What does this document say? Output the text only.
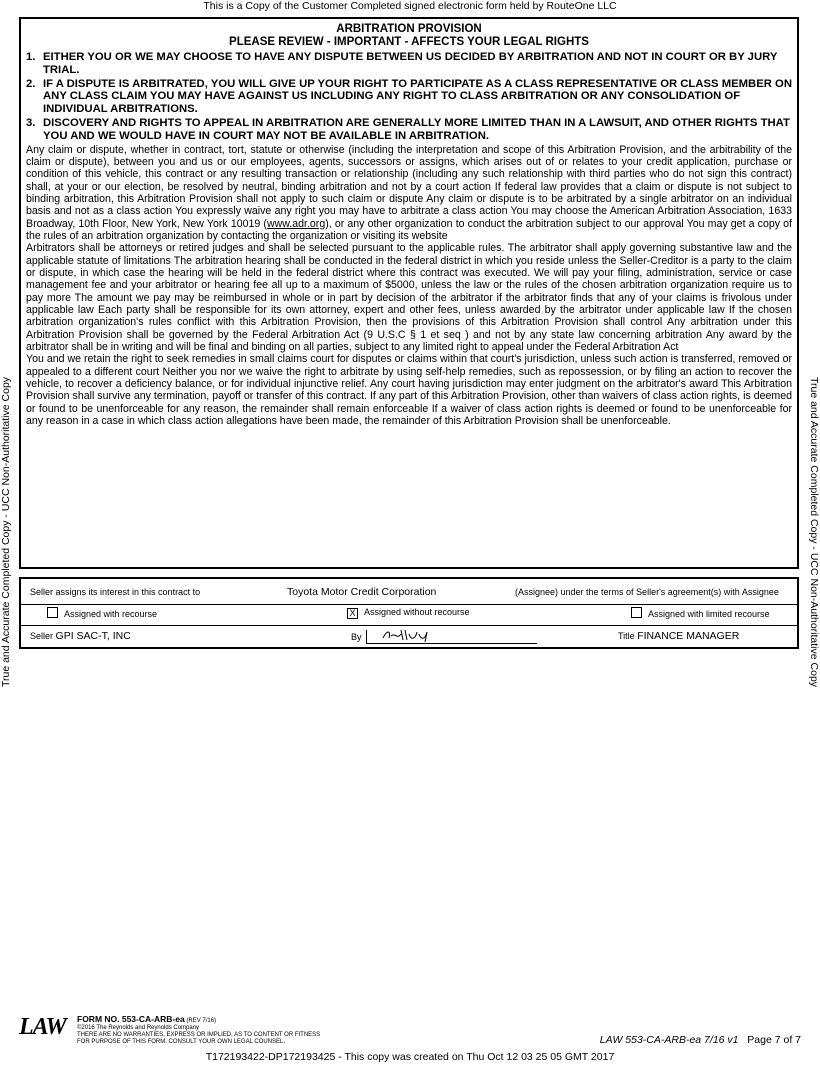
This is a Copy of the Customer Completed signed electronic form held by RouteOne LLC
True and Accurate Completed Copy - UCC Non-Authoritative Copy	True and Accurate Completed Copy - UCC Non-Authoritative Copy
ARBITRATION PROVISION
PLEASE REVIEW - IMPORTANT - AFFECTS YOUR LEGAL RIGHTS
1. EITHER YOU OR WE MAY CHOOSE TO HAVE ANY DISPUTE BETWEEN US DECIDED BY ARBITRATION AND NOT IN COURT OR BY JURY TRIAL.
2. IF A DISPUTE IS ARBITRATED, YOU WILL GIVE UP YOUR RIGHT TO PARTICIPATE AS A CLASS REPRESENTATIVE OR CLASS MEMBER ON ANY CLASS CLAIM YOU MAY HAVE AGAINST US INCLUDING ANY RIGHT TO CLASS ARBITRATION OR ANY CONSOLIDATION OF INDIVIDUAL ARBITRATIONS.
3. DISCOVERY AND RIGHTS TO APPEAL IN ARBITRATION ARE GENERALLY MORE LIMITED THAN IN A LAWSUIT, AND OTHER RIGHTS THAT YOU AND WE WOULD HAVE IN COURT MAY NOT BE AVAILABLE IN ARBITRATION.

Any claim or dispute, whether in contract, tort, statute or otherwise (including the interpretation and scope of this Arbitration Provision, and the arbitrability of the claim or dispute), between you and us or our employees, agents, successors or assigns, which arises out of or relates to your credit application, purchase or condition of this vehicle, this contract or any resulting transaction or relationship (including any such relationship with third parties who do not sign this contract) shall, at your or our election, be resolved by neutral, binding arbitration and not by a court action If federal law provides that a claim or dispute is not subject to binding arbitration, this Arbitration Provision shall not apply to such claim or dispute Any claim or dispute is to be arbitrated by a single arbitrator on an individual basis and not as a class action You expressly waive any right you may have to arbitrate a class action You may choose the American Arbitration Association, 1633 Broadway, 10th Floor, New York, New York 10019 (www.adr.org), or any other organization to conduct the arbitration subject to our approval You may get a copy of the rules of an arbitration organization by contacting the organization or visiting its website

Arbitrators shall be attorneys or retired judges and shall be selected pursuant to the applicable rules. The arbitrator shall apply governing substantive law and the applicable statute of limitations The arbitration hearing shall be conducted in the federal district in which you reside unless the Seller-Creditor is a party to the claim or dispute, in which case the hearing will be held in the federal district where this contract was executed. We will pay your filing, administration, service or case management fee and your arbitrator or hearing fee all up to a maximum of $5000, unless the law or the rules of the chosen arbitration organization require us to pay more The amount we pay may be reimbursed in whole or in part by decision of the arbitrator if the arbitrator finds that any of your claims is frivolous under applicable law Each party shall be responsible for its own attorney, expert and other fees, unless awarded by the arbitrator under applicable law If the chosen arbitration organization's rules conflict with this Arbitration Provision, then the provisions of this Arbitration Provision shall control Any arbitration under this Arbitration Provision shall be governed by the Federal Arbitration Act (9 U.S.C § 1 et seq ) and not by any state law concerning arbitration Any award by the arbitrator shall be in writing and will be final and binding on all parties, subject to any limited right to appeal under the Federal Arbitration Act

You and we retain the right to seek remedies in small claims court for disputes or claims within that court's jurisdiction, unless such action is transferred, removed or appealed to a different court Neither you nor we waive the right to arbitrate by using self-help remedies, such as repossession, or by filing an action to recover the vehicle, to recover a deficiency balance, or for individual injunctive relief. Any court having jurisdiction may enter judgment on the arbitrator's award This Arbitration Provision shall survive any termination, payoff or transfer of this contract. If any part of this Arbitration Provision, other than waivers of class action rights, is deemed or found to be unenforceable for any reason, the remainder shall remain enforceable If a waiver of class action rights is deemed or found to be unenforceable for any reason in a case in which class action allegations have been made, the remainder of this Arbitration Provision shall be unenforceable.

Seller assigns its interest in this contract to	Toyota Motor Credit Corporation	(Assignee) under the terms of Seller's agreement(s) with Assignee
Assigned with recourse	X Assigned without recourse	Assigned with limited recourse
Seller GPI SAC-T, INC	By	Title FINANCE MANAGER
LAW FORM NO. 553-CA-ARB-ea (REV 7/16)
©2016 The Reynolds and Reynolds Company
THERE ARE NO WARRANTIES, EXPRESS OR IMPLIED, AS TO CONTENT OR FITNESS FOR PURPOSE OF THIS FORM. CONSULT YOUR OWN LEGAL COUNSEL.	LAW 553-CA-ARB-ea 7/16 v1 Page 7 of 7
T172193422-DP172193425 - This copy was created on Thu Oct 12 03 25 05 GMT 2017
